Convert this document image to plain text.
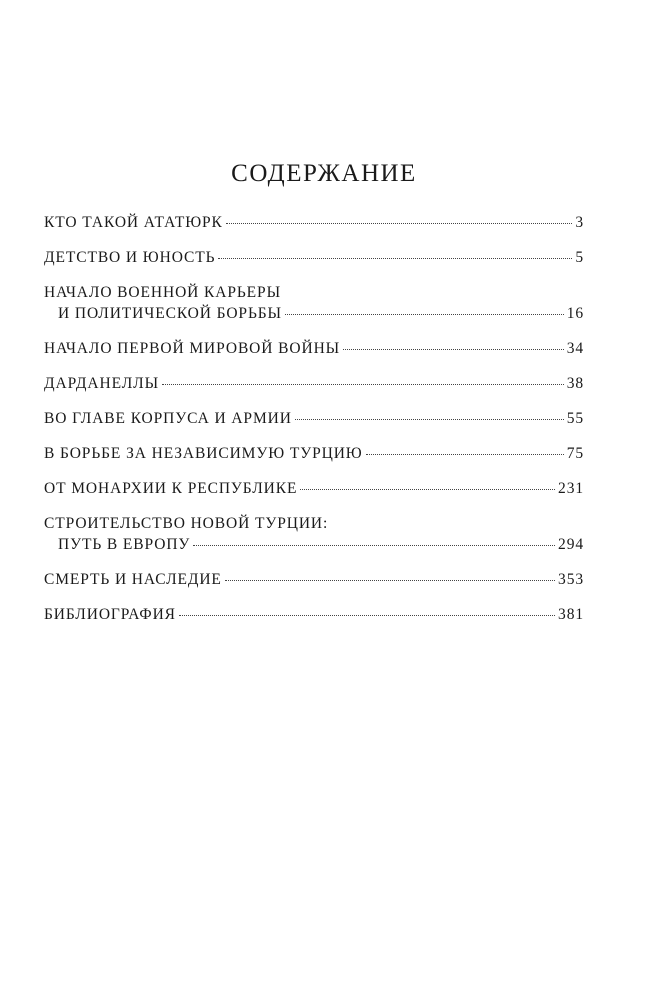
СОДЕРЖАНИЕ
КТО ТАКОЙ АТАТЮРК	3
ДЕТСТВО И ЮНОСТЬ	5
НАЧАЛО ВОЕННОЙ КАРЬЕРЫ
И ПОЛИТИЧЕСКОЙ БОРЬБЫ	16
НАЧАЛО ПЕРВОЙ МИРОВОЙ ВОЙНЫ	34
ДАРДАНЕЛЛЫ	38
ВО ГЛАВЕ КОРПУСА И АРМИИ	55
В БОРЬБЕ ЗА НЕЗАВИСИМУЮ ТУРЦИЮ	75
ОТ МОНАРХИИ К РЕСПУБЛИКЕ	231
СТРОИТЕЛЬСТВО НОВОЙ ТУРЦИИ:
ПУТЬ В ЕВРОПУ	294
СМЕРТЬ И НАСЛЕДИЕ	353
БИБЛИОГРАФИЯ	381
